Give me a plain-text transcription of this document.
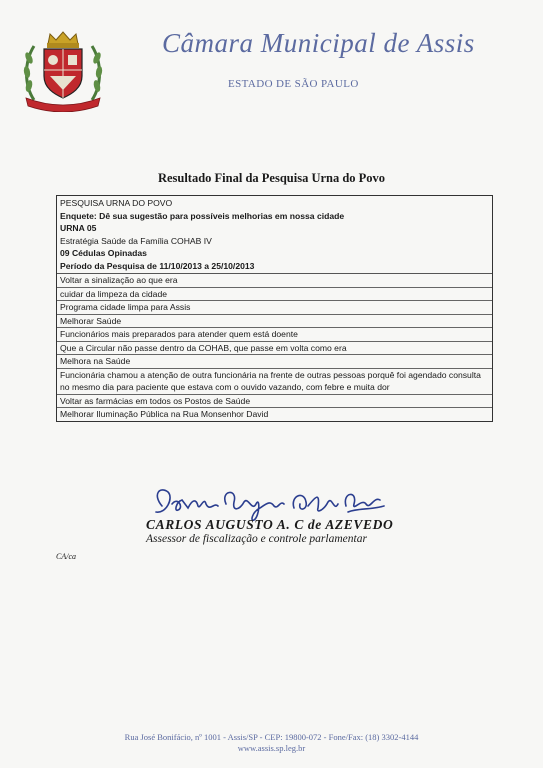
Câmara Municipal de Assis
ESTADO DE SÃO PAULO
Resultado Final da Pesquisa Urna do Povo
PESQUISA URNA DO POVO
Enquete: Dê sua sugestão para possíveis melhorias em nossa cidade
URNA 05
Estratégia Saúde da Família COHAB IV
09 Cédulas Opinadas
Período da Pesquisa de 11/10/2013 a 25/10/2013
Voltar a sinalização ao que era
cuidar da limpeza da cidade
Programa cidade limpa para Assis
Melhorar Saúde
Funcionários mais preparados para atender quem está doente
Que a Circular não passe dentro da COHAB, que passe em volta como era
Melhora na Saúde
Funcionária chamou a atenção de outra funcionária na frente de outras pessoas porquê foi agendado consulta no mesmo dia para paciente que estava com o ouvido vazando, com febre e muita dor
Voltar as farmácias em todos os Postos de Saúde
Melhorar Iluminação Pública na Rua Monsenhor David
CARLOS AUGUSTO A. C de AZEVEDO
Assessor de fiscalização e controle parlamentar
CA/ca
Rua José Bonifácio, nº 1001 - Assis/SP - CEP: 19800-072 - Fone/Fax: (18) 3302-4144
www.assis.sp.leg.br
